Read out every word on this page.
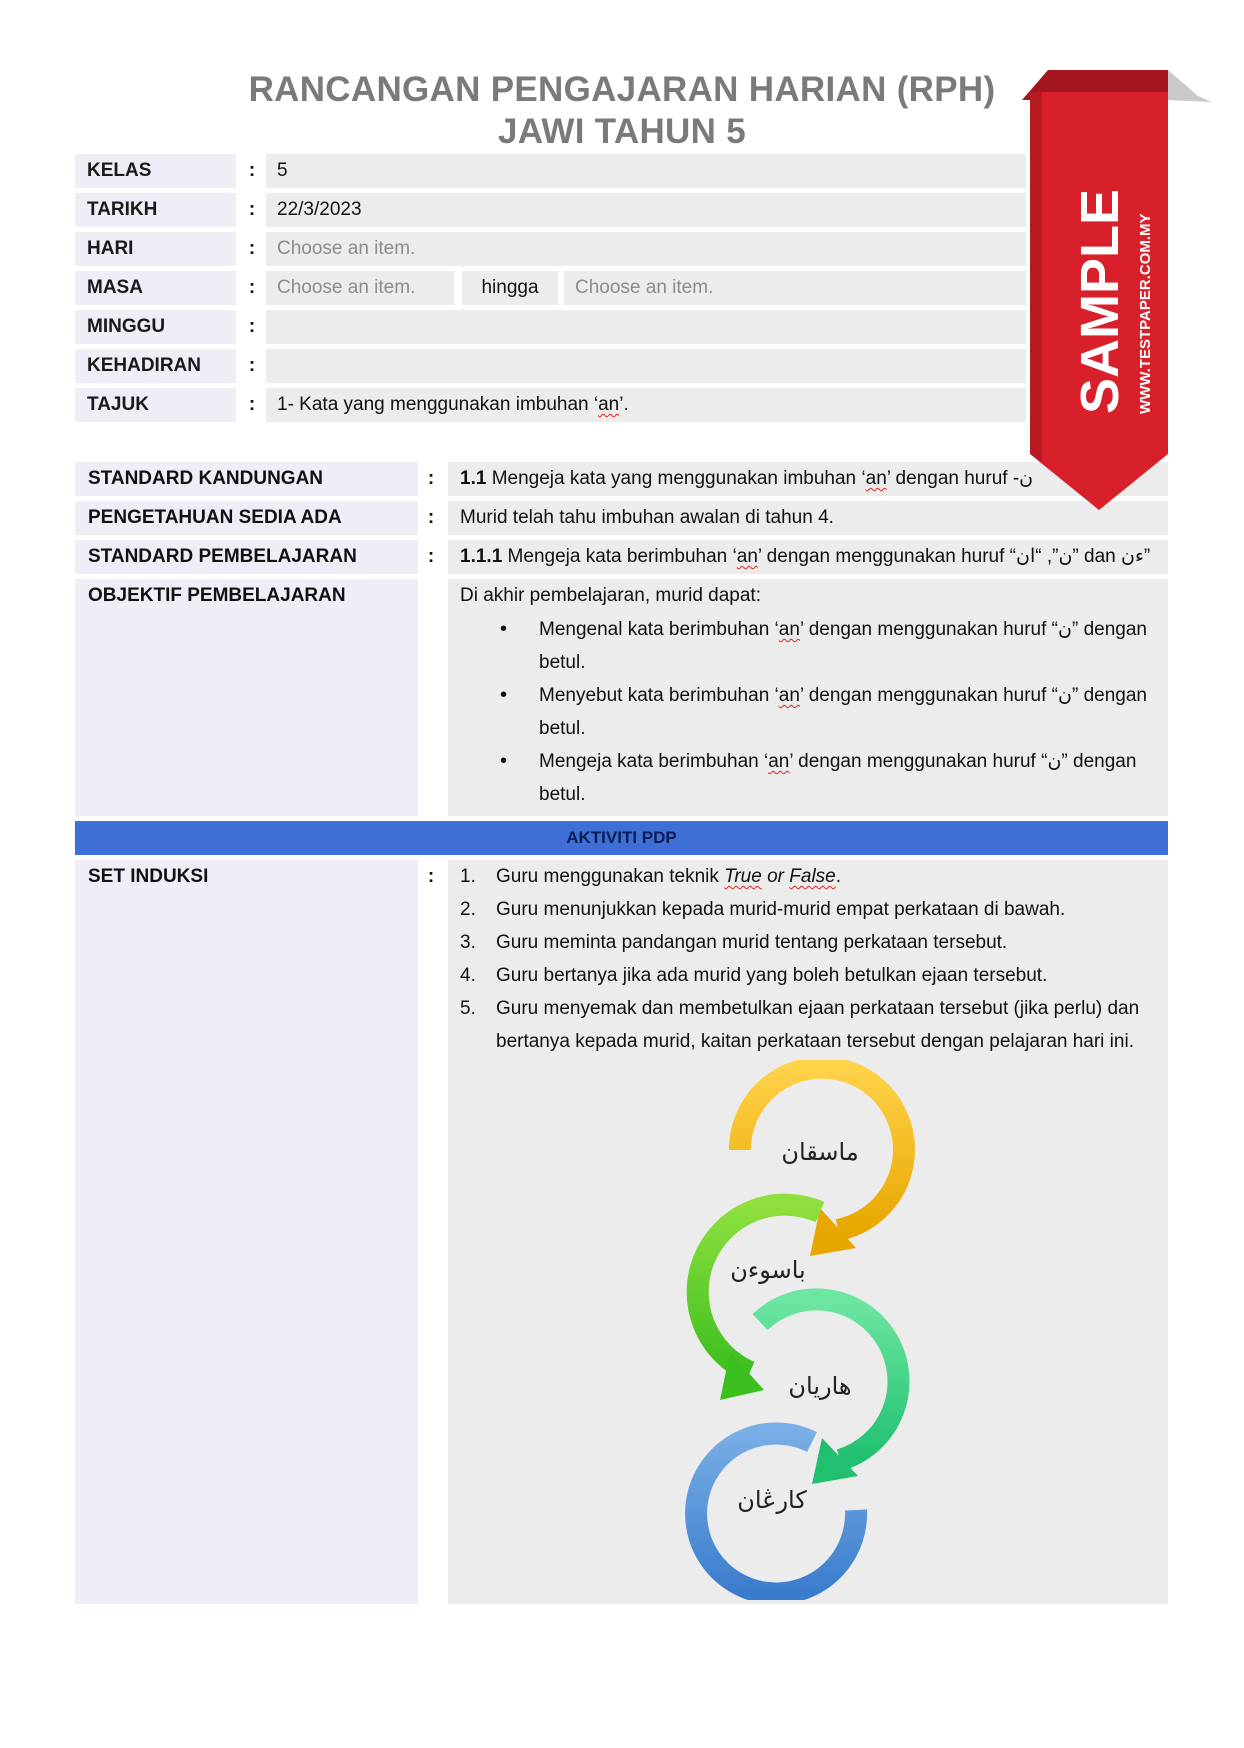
RANCANGAN PENGAJARAN HARIAN (RPH)
JAWI TAHUN 5
KELAS	:	5
TARIKH	:	22/3/2023
HARI	:	Choose an item.
MASA	:	Choose an item.	hingga	Choose an item.
MINGGU	:
KEHADIRAN	:
TAJUK	:	1- Kata yang menggunakan imbuhan ‘an’.
STANDARD KANDUNGAN	:	1.1 Mengeja kata yang menggunakan imbuhan ‘an’ dengan huruf -ن
PENGETAHUAN SEDIA ADA	:	Murid telah tahu imbuhan awalan di tahun 4.
STANDARD PEMBELAJARAN	:	1.1.1 Mengeja kata berimbuhan ‘an’ dengan menggunakan huruf “ن”, “ان” dan ءن”
OBJEKTIF PEMBELAJARAN	Di akhir pembelajaran, murid dapat:
• Mengenal kata berimbuhan ‘an’ dengan menggunakan huruf “ن” dengan betul.
• Menyebut kata berimbuhan ‘an’ dengan menggunakan huruf “ن” dengan betul.
• Mengeja kata berimbuhan ‘an’ dengan menggunakan huruf “ن” dengan betul.
AKTIVITI PDP
SET INDUKSI	:	1. Guru menggunakan teknik True or False.
2. Guru menunjukkan kepada murid-murid empat perkataan di bawah.
3. Guru meminta pandangan murid tentang perkataan tersebut.
4. Guru bertanya jika ada murid yang boleh betulkan ejaan tersebut.
5. Guru menyemak dan membetulkan ejaan perkataan tersebut (jika perlu) dan bertanya kepada murid, kaitan perkataan tersebut dengan pelajaran hari ini.
ماسقان
باسوءن
هاريان
كارڠان
SAMPLE WWW.TESTPAPER.COM.MY
